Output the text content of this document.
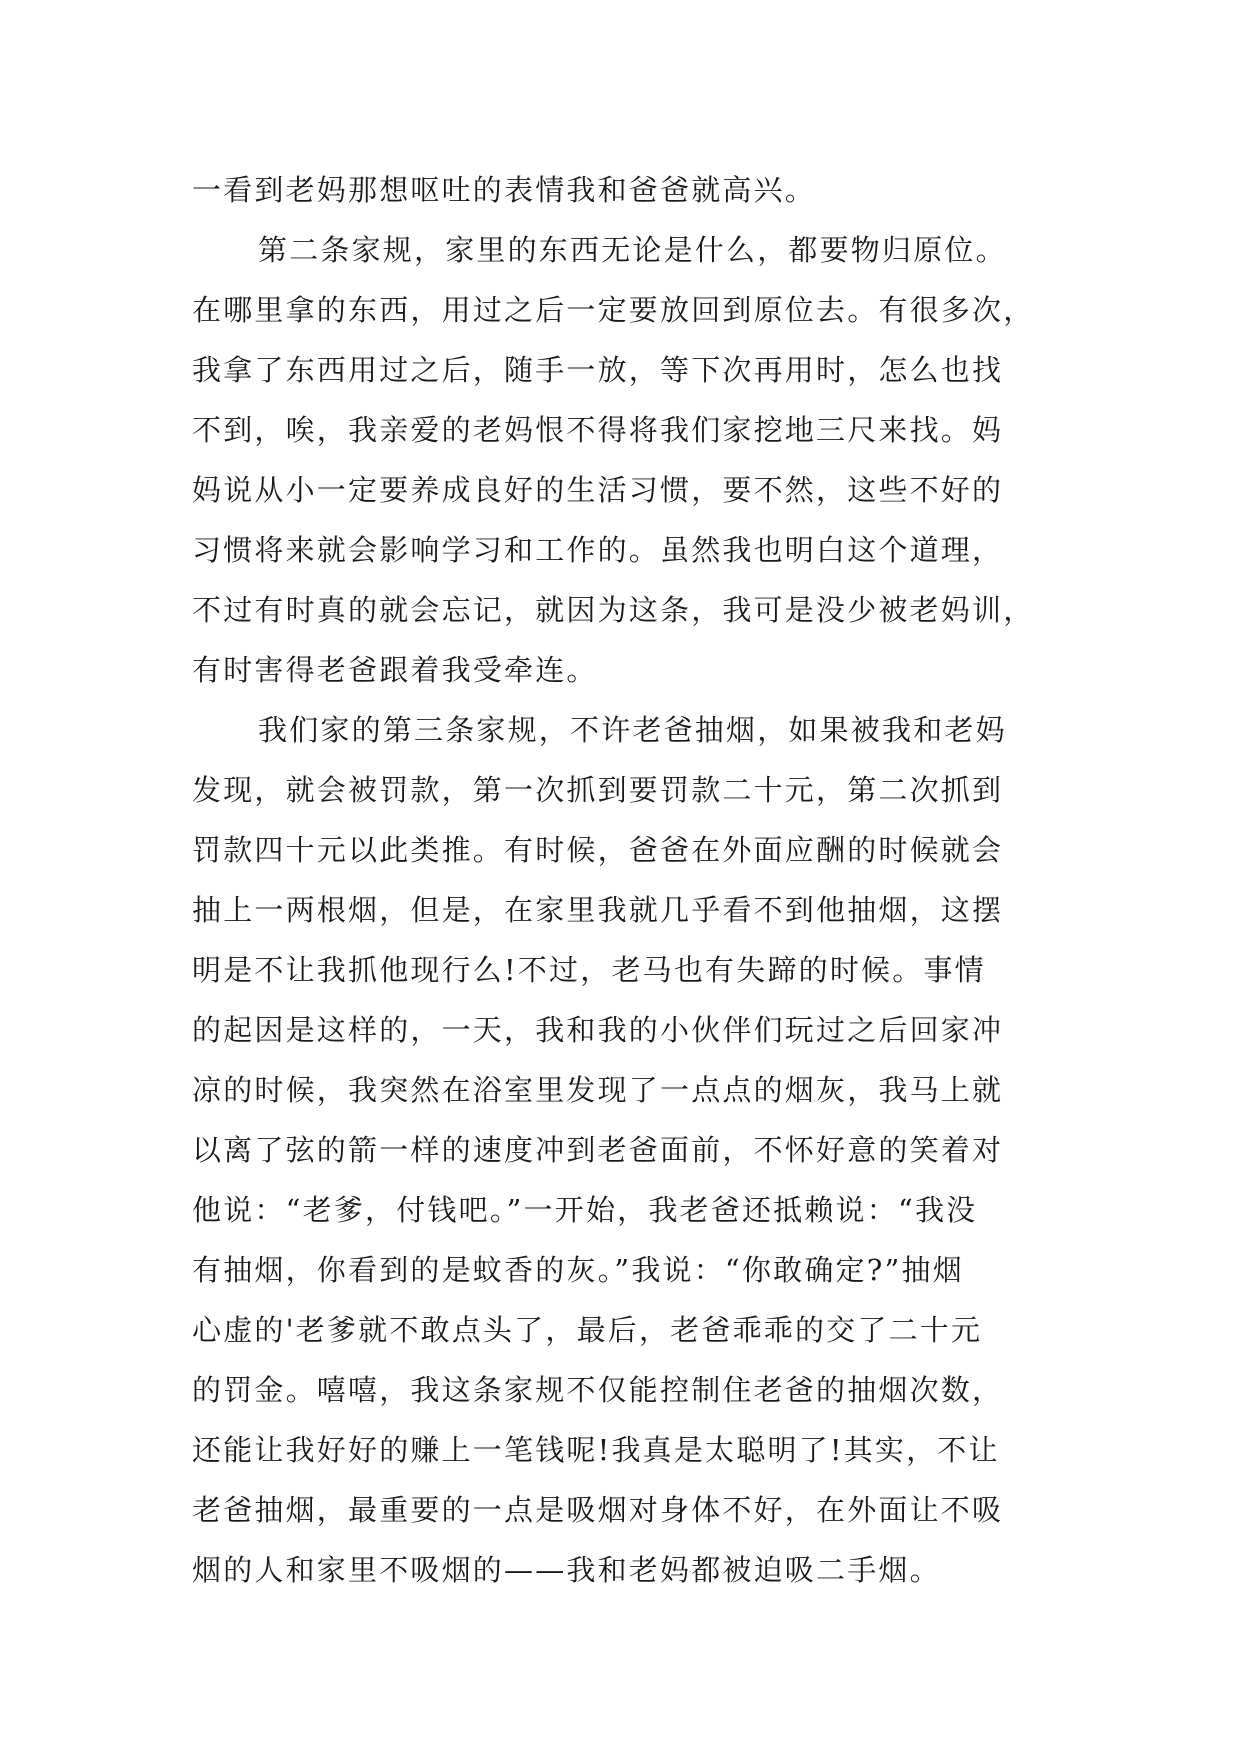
一看到老妈那想呕吐的表情我和爸爸就高兴。
第二条家规，家里的东西无论是什么，都要物归原位。
在哪里拿的东西，用过之后一定要放回到原位去。有很多次，
我拿了东西用过之后，随手一放，等下次再用时，怎么也找
不到，唉，我亲爱的老妈恨不得将我们家挖地三尺来找。妈
妈说从小一定要养成良好的生活习惯，要不然，这些不好的
习惯将来就会影响学习和工作的。虽然我也明白这个道理，
不过有时真的就会忘记，就因为这条，我可是没少被老妈训，
有时害得老爸跟着我受牵连。
我们家的第三条家规，不许老爸抽烟，如果被我和老妈
发现，就会被罚款，第一次抓到要罚款二十元，第二次抓到
罚款四十元以此类推。有时候，爸爸在外面应酬的时候就会
抽上一两根烟，但是，在家里我就几乎看不到他抽烟，这摆
明是不让我抓他现行么!不过，老马也有失蹄的时候。事情
的起因是这样的，一天，我和我的小伙伴们玩过之后回家冲
凉的时候，我突然在浴室里发现了一点点的烟灰，我马上就
以离了弦的箭一样的速度冲到老爸面前，不怀好意的笑着对
他说：“老爹，付钱吧。”一开始，我老爸还抵赖说：“我没
有抽烟，你看到的是蚊香的灰。”我说：“你敢确定?”抽烟
心虚的'老爹就不敢点头了，最后，老爸乖乖的交了二十元
的罚金。嘻嘻，我这条家规不仅能控制住老爸的抽烟次数，
还能让我好好的赚上一笔钱呢!我真是太聪明了!其实，不让
老爸抽烟，最重要的一点是吸烟对身体不好，在外面让不吸
烟的人和家里不吸烟的——我和老妈都被迫吸二手烟。
